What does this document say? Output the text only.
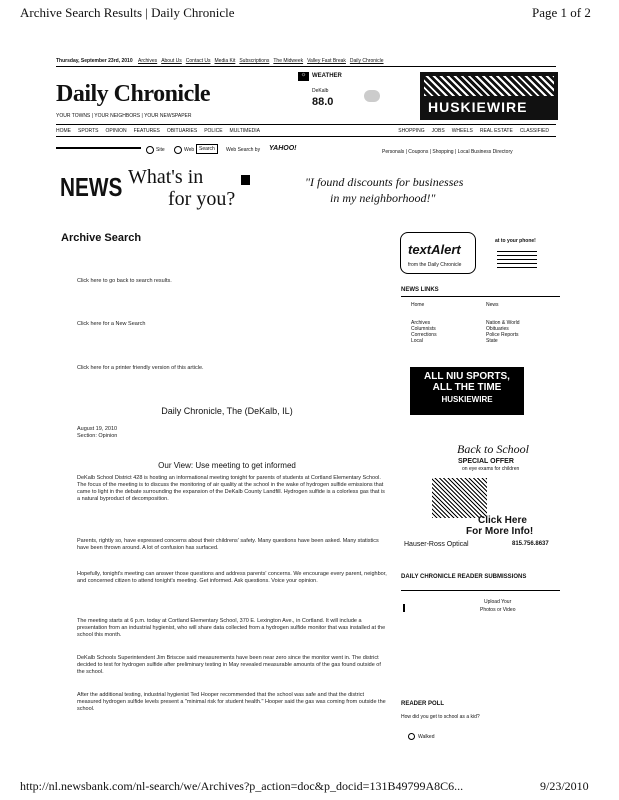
Archive Search Results | Daily Chronicle	Page 1 of 2
Thursday, September 23rd, 2010 Archives About Us Contact Us Media Kit Subscriptions The Midweek Valley Fast Break Daily Chronicle
Daily Chronicle
YOUR TOWNS | YOUR NEIGHBORS | YOUR NEWSPAPER
☼ WEATHER
DeKalb
88.0	HUSKIEWIRE
HOME SPORTS OPINION FEATURES OBITUARIES POLICE MULTIMEDIA	SHOPPING JOBS WHEELS REAL ESTATE CLASSIFIED
Site	Web Search	Web Search by YAHOO!	Personals | Coupons | Shopping | Local Business Directory
NEWS What's in
for you?
"I found discounts for businesses
in my neighborhood!"
Archive Search
Click here to go back to search results.
Click here for a New Search
Click here for a printer friendly version of this article.
Daily Chronicle, The (DeKalb, IL)
August 19, 2010
Section: Opinion
Our View: Use meeting to get informed
DeKalb School District 428 is hosting an informational meeting tonight for parents of students at Cortland Elementary School. The focus of the meeting is to discuss the monitoring of air quality at the school in the wake of hydrogen sulfide emissions that came to light in the debate surrounding the expansion of the DeKalb County Landfill. Hydrogen sulfide is a colorless gas that is a natural byproduct of decomposition.
Parents, rightly so, have expressed concerns about their childrens' safety. Many questions have been asked. Many statistics have been thrown around. A lot of confusion has surfaced.
Hopefully, tonight's meeting can answer those questions and address parents' concerns. We encourage every parent, neighbor, and concerned citizen to attend tonight's meeting. Get informed. Ask questions. Voice your opinion.
The meeting starts at 6 p.m. today at Cortland Elementary School, 370 E. Lexington Ave., in Cortland. It will include a presentation from an industrial hygienist, who will share data collected from a hydrogen sulfide monitor that was installed at the school this month.
DeKalb Schools Superintendent Jim Briscoe said measurements have been near zero since the monitor went in. The district decided to test for hydrogen sulfide after preliminary testing in May revealed measurable amounts of the gas found outside of the school.
After the additional testing, industrial hygienist Ted Hooper recommended that the school was safe and that the district measured hydrogen sulfide levels present a "minimal risk for student health." Hooper said the gas was coming from outside the school.
textAlert
from the Daily Chronicle
at to your phone!
NEWS LINKS
Home	News
Archives
Columnists
Corrections
Local
Nation & World
Obituaries
Police Reports
State
ALL NIU SPORTS,
ALL THE TIME
HUSKIEWIRE
Back to School
SPECIAL OFFER
on eye exams for children
Click Here
For More Info!
Hauser-Ross Optical	815.756.8637
DAILY CHRONICLE READER SUBMISSIONS
Upload Your
Photos or Video
READER POLL
How did you get to school as a kid?
Walked
http://nl.newsbank.com/nl-search/we/Archives?p_action=doc&p_docid=131B49799A8C6...	9/23/2010
